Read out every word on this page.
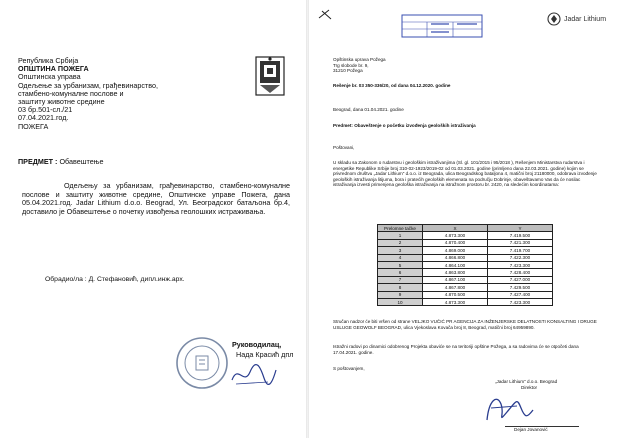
Република Србија
ОПШТИНА ПОЖЕГА
Општинска управа
Одељење за урбанизам, грађевинарство,
стамбено-комуналне послове и
заштиту животне средине
03 бр.501-сл./21
07.04.2021.год.
ПОЖЕГА
ПРЕДМЕТ : Обавештење
Одељењу за урбанизам, грађевинарство, стамбено-комуналне послове и заштиту животне средине, Општинске управе Пожега, дана 05.04.2021.год. Jadar Lithium d.o.o. Beograd, Ул. Београдског батаљона бр.4, доставило је Обавештење о почетку извођења геолошких истраживања.
Обрадио/ла : Д. Стефановић, дипл.инж.арх.
Руководилац,
Нада Красић дпл
Jadar Lithium
Opštinska uprava Požega
Trg slobode br. 9,
31210 Požega
Rešenje br. 03 350-336/20, od dana 04.12.2020. godine
Beograd, dana 01.04.2021. godine
Predmet: Obaveštenje o početku izvođenja geoloških istraživanja
Poštovani,
U skladu sa Zakonom o rudarstvu i geološkim istraživanjima (Sl. gl. 101/2015 i 95/2018 ), Rešenjem Ministarstva rudarstva i energetike Republike Srbije broj 310-02-1923/2019-02 od 01.03.2021. godine (primljeno dana 22.03.2021. godine) kojim se privrednom društvu „Jadar Lithium" d.o.o. iz Beograda, ulica Beogradskog bataljona 4, matični broj 21180000, odobrava izvođenje geoloških istraživanja litijuma, bora i pratećih geoloških elemenata na području Dobrinje, obaveštavamo Vas da će nosilac istraživanja izvesti primenjena geološka istraživanja na istražnom prostoru br. 2420, na sledećim koordinatama:
Prelomne tačke	X	Y
1	4.873.300	7.419.500
2	4.870.400	7.421.300
3	4.869.000	7.419.700
4	4.866.800	7.422.300
5	4.864.100	7.423.300
6	4.863.800	7.428.400
7	4.867.100	7.427.000
8	4.867.800	7.429.500
9	4.870.500	7.427.400
10	4.873.300	7.423.300
Stručan nadzor će biti vršen od strane VELJKO VUČIĆ PR AGENCIJA ZA INŽENJERSKE DELATNOSTI KONSALTING I DRUGE USLUGE GEOWOLF BEOGRAD, ulica Vjekoslava Kovača broj 8, Beograd, matični broj 64959890.
Istražni radovi po dinamici odobrenog Projekta obaviće se na teritoriji opštine Požega, a sa radovima će se otpočeti dana 17.04.2021. godine.
S poštovanjem,
„Jadar Lithium" d.o.o. Beograd
Direktor
Dejan Jovanović
